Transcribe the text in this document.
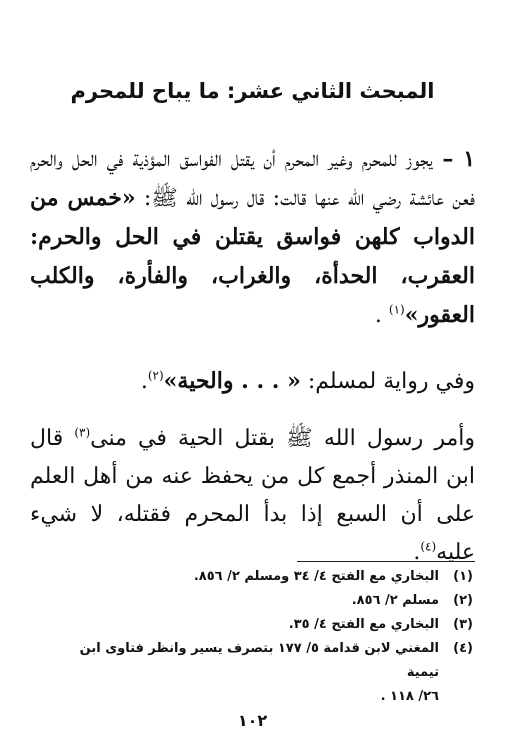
المبحث الثاني عشر: ما يباح للمحرم
١ – يجوز للمحرم وغير المحرم أن يقتل الفواسق المؤذية في الحل والحرم فعن عائشة رضي الله عنها قالت: قال رسول الله ﷺ: «خمس من الدواب كلهن فواسق يقتلن في الحل والحرم: العقرب، الحدأة، والغراب، والفأرة، والكلب العقور»$^{(١)}$ .
وفي رواية لمسلم: « . . . والحية»$^{(٢)}$.
وأمر رسول الله ﷺ بقتل الحية في منى$^{(٣)}$ قال ابن المنذر أجمع كل من يحفظ عنه من أهل العلم على أن السبع إذا بدأ المحرم فقتله، لا شيء عليه$^{(٤)}$.
(١)
البخاري مع الفتح ٤/ ٣٤ ومسلم ٢/ ٨٥٦.
(٢)
مسلم ٢/ ٨٥٦.
(٣)
البخاري مع الفتح ٤/ ٣٥.
(٤)
المغني لابن قدامة ٥/ ١٧٧ بتصرف يسير وانظر فتاوى ابن تيمية
٢٦/ ١١٨ .
١٠٢
